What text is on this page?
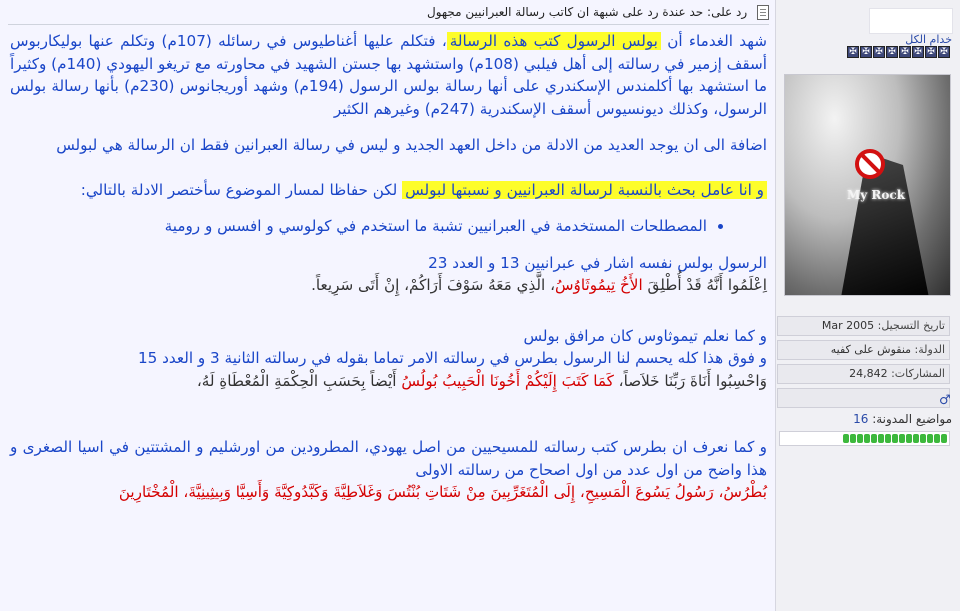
رد على: حد عندة رد على شبهة ان كاتب رسالة العبرانيين مجهول

شهد الغدماء أن بولس الرسول كتب هذه الرسالة، فتكلم عليها أغناطيوس في رسائله (107م) وتكلم عنها بوليكاربوس أسقف إزمير في رسالته إلى أهل فيلبي (108م) واستشهد بها جستن الشهيد في محاورته مع تريغو اليهودي (140م) وكثيراً ما استشهد بها أكلمندس الإسكندري على أنها رسالة بولس الرسول (194م) وشهد أوريجانوس (230م) بأنها رسالة بولس الرسول، وكذلك ديونسيوس أسقف الإسكندرية (247م) وغيرهم الكثير

اضافة الى ان يوجد العديد من الادلة من داخل العهد الجديد و ليس في رسالة العبرانين فقط ان الرسالة هي لبولس

و انا عامل بحث بالنسبة لرسالة العبرانيين و نسبتها لبولس لكن حفاظا لمسار الموضوع سأختصر الادلة بالتالي:

• المصطلحات المستخدمة في العبرانيين تشبة ما استخدم في كولوسي و افسس و رومية

الرسول بولس نفسه اشار في عبرانيين 13 و العدد 23

اِعْلَمُوا أَنَّهُ قَدْ أُطْلِقَ الأَخُ تِيمُوثَاوُسُ، الَّذِي مَعَهُ سَوْفَ أَرَاكُمْ، إِنْ أَتَى سَرِيعاً.

و كما نعلم تيموثاوس كان مرافق بولس

و فوق هذا كله يحسم لنا الرسول بطرس في رسالته الامر تماما بقوله في رسالته الثانية 3 و العدد 15

وَاحْسِبُوا أَنَاةَ رَبِّنَا خَلاَصاً، كَمَا كَتَبَ إِلَيْكُمْ أَخُونَا الْحَبِيبُ بُولُسُ أَيْضاً بِحَسَبِ الْحِكْمَةِ الْمُعْطَاةِ لَهُ،

و كما نعرف ان بطرس كتب رسالته للمسيحيين من اصل يهودي، المطرودين من اورشليم و المشتتين في اسيا الصغرى و هذا واضح من اول عدد من اول اصحاح من رسالته الاولى

بُطْرُسُ، رَسُولُ يَسُوعَ الْمَسِيحِ، إِلَى الْمُتَغَرِّبِينَ مِنْ شَتَاتِ بُنْتُسَ وَغَلاَطِيَّةَ وَكَبَّدُوكِيَّةَ وَأَسِيَّا وَبِيثِينِيَّةَ، الْمُخْتَارِينَ

خدام الكل
✠ ✠ ✠ ✠ ✠ ✠ ✠ ✠
My Rock
تاريخ التسجيل: Mar 2005
الدولة: منقوش على كفيه
المشاركات: 24,842
♂
مواضيع المدونة: 16
